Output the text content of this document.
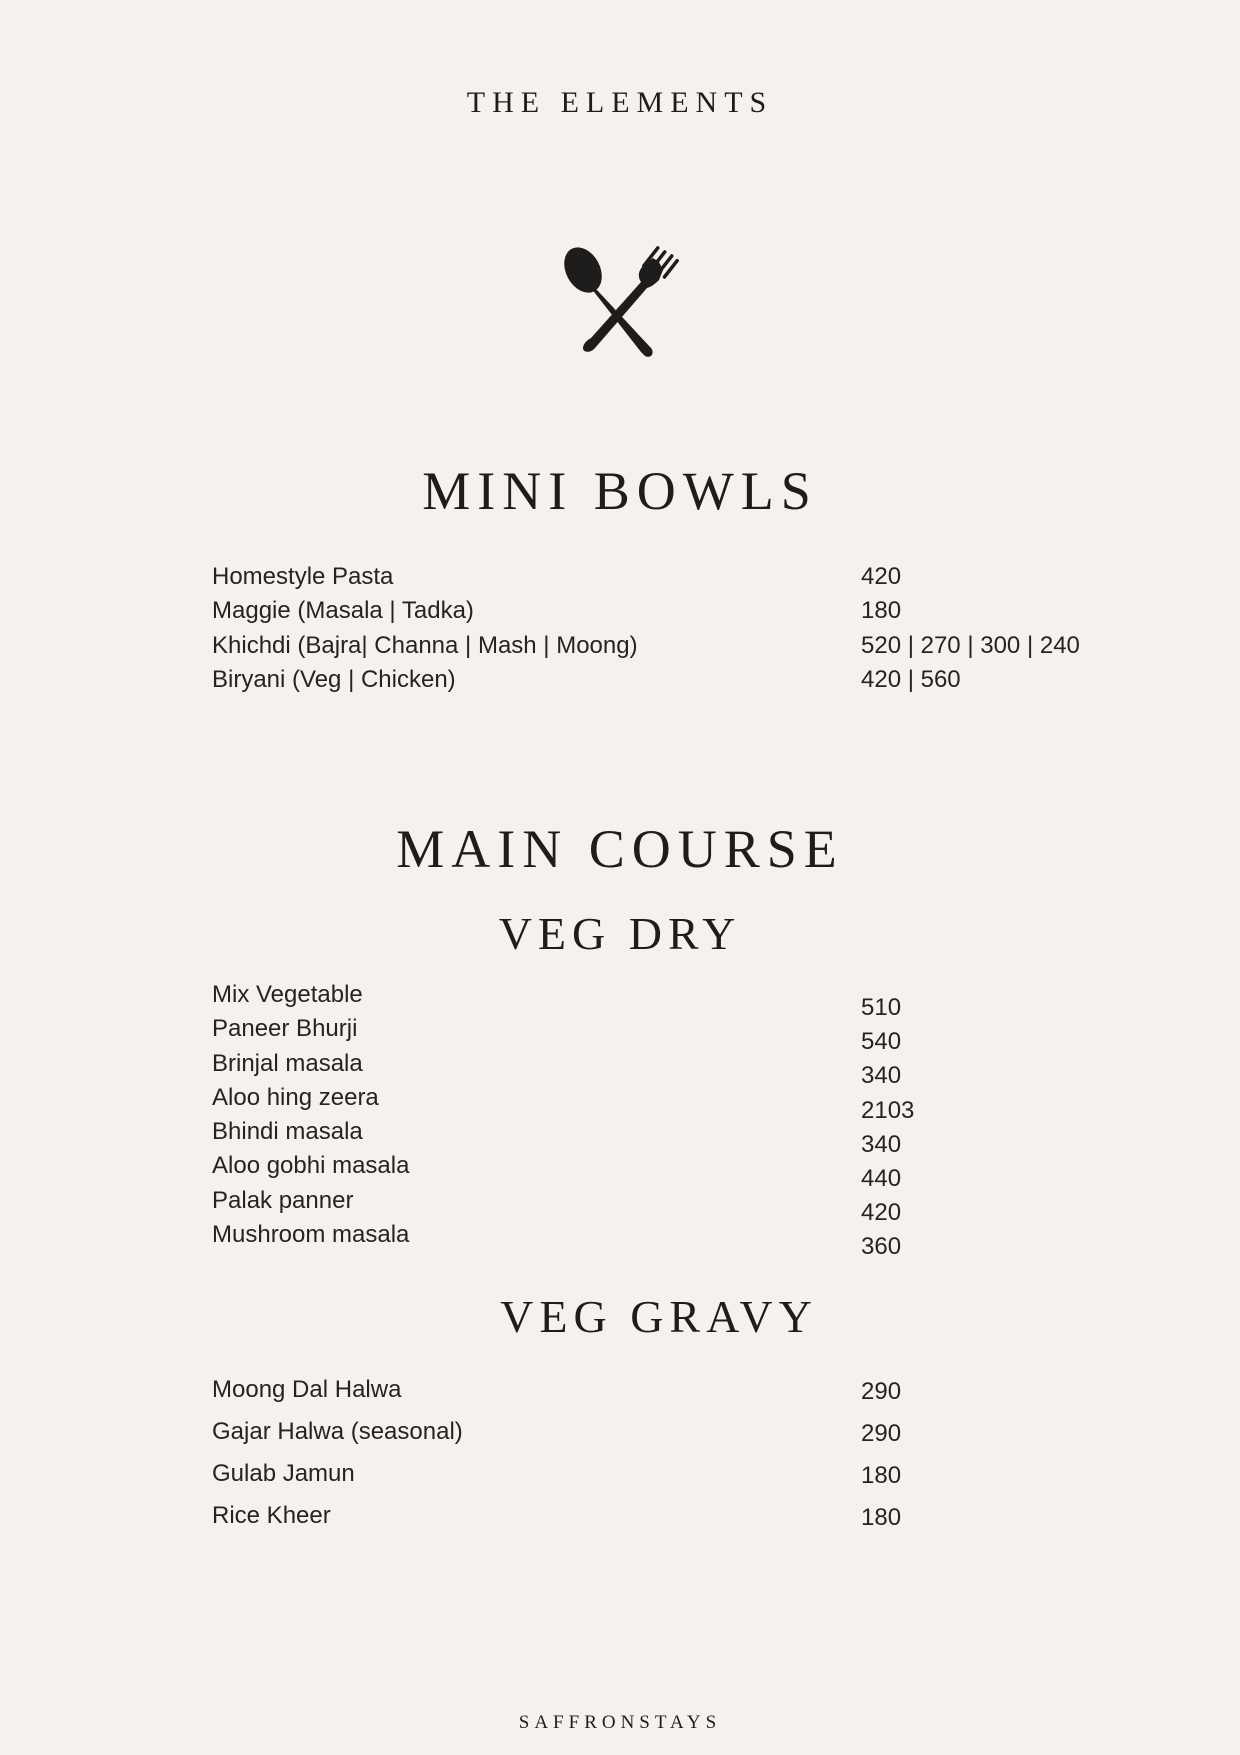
THE ELEMENTS
MINI BOWLS
Homestyle Pasta
Maggie (Masala | Tadka)
Khichdi (Bajra| Channa | Mash | Moong)
Biryani (Veg | Chicken)
420
180
520 | 270 | 300 | 240
420 | 560
MAIN COURSE
VEG DRY
Mix Vegetable
Paneer Bhurji
Brinjal masala
Aloo hing zeera
Bhindi masala
Aloo gobhi masala
Palak panner
Mushroom masala
510
540
340
2103
340
440
420
360
VEG GRAVY
Moong Dal Halwa
Gajar Halwa (seasonal)
Gulab Jamun
Rice Kheer
290
290
180
180
SAFFRONSTAYS
